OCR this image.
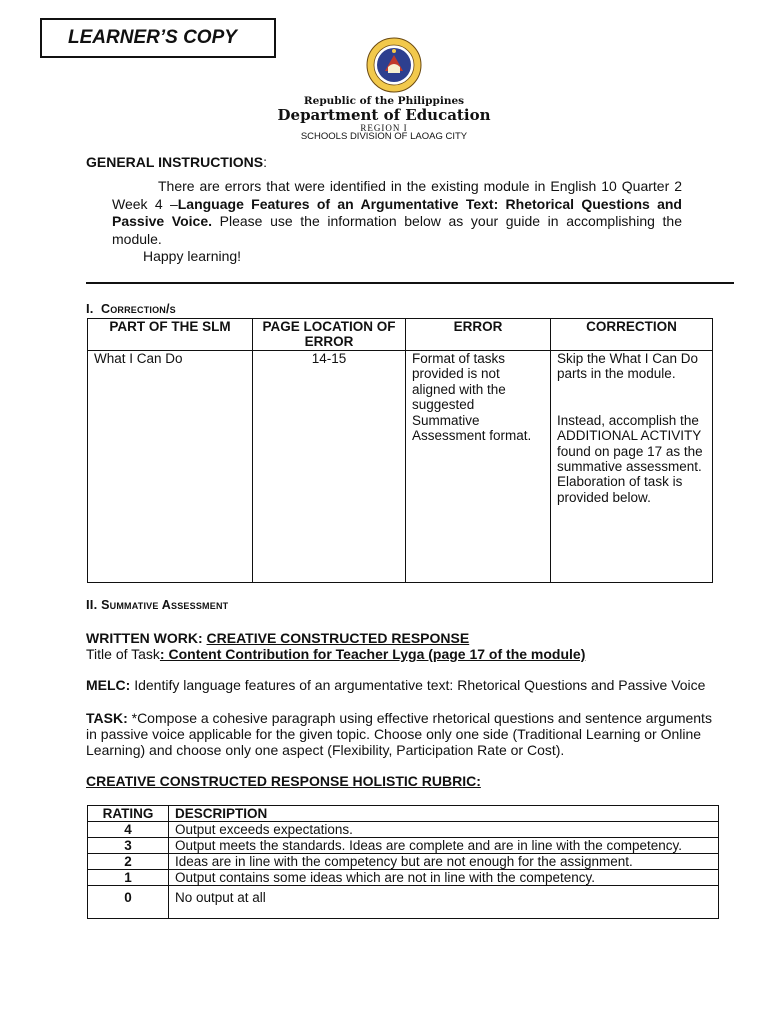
LEARNER’S COPY
Republic of the Philippines
Department of Education
REGION I
SCHOOLS DIVISION OF LAOAG CITY
GENERAL INSTRUCTIONS:
There are errors that were identified in the existing module in English 10 Quarter 2 Week 4 –Language Features of an Argumentative Text: Rhetorical Questions and Passive Voice. Please use the information below as your guide in accomplishing the module.
Happy learning!
I. Correction/s
PART OF THE SLM	PAGE LOCATION OF ERROR	ERROR	CORRECTION
What I Can Do	14-15	Format of tasks provided is not aligned with the suggested Summative Assessment format.	Skip the What I Can Do parts in the module.
Instead, accomplish the ADDITIONAL ACTIVITY found on page 17 as the summative assessment. Elaboration of task is provided below.
II. Summative Assessment
WRITTEN WORK: CREATIVE CONSTRUCTED RESPONSE
Title of Task: Content Contribution for Teacher Lyga (page 17 of the module)
MELC: Identify language features of an argumentative text: Rhetorical Questions and Passive Voice
TASK: *Compose a cohesive paragraph using effective rhetorical questions and sentence arguments in passive voice applicable for the given topic. Choose only one side (Traditional Learning or Online Learning) and choose only one aspect (Flexibility, Participation Rate or Cost).
CREATIVE CONSTRUCTED RESPONSE HOLISTIC RUBRIC:
RATING	DESCRIPTION
4	Output exceeds expectations.
3	Output meets the standards. Ideas are complete and are in line with the competency.
2	Ideas are in line with the competency but are not enough for the assignment.
1	Output contains some ideas which are not in line with the competency.
0	No output at all
